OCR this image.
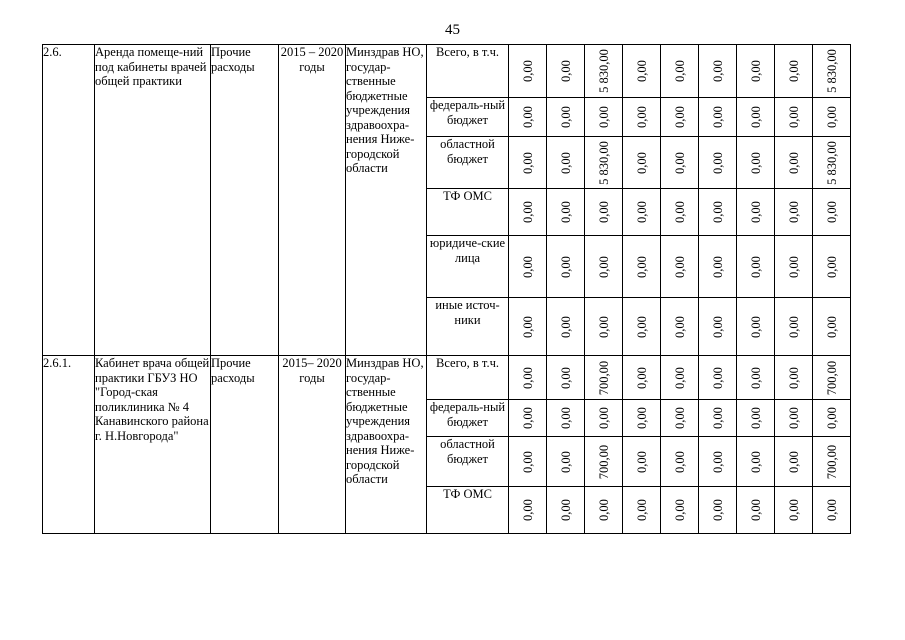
45
2.6.	Аренда помеще-ний под кабинеты врачей общей практики	Прочие расходы	2015 – 2020 годы	Минздрав НО, государ-ственные бюджетные учреждения здравоохра-нения Ниже-городской области	Всего, в т.ч.	0,00	0,00	5 830,00	0,00	0,00	0,00	0,00	0,00	5 830,00

					федераль-ный бюджет	0,00	0,00	0,00	0,00	0,00	0,00	0,00	0,00	0,00

					областной бюджет	0,00	0,00	5 830,00	0,00	0,00	0,00	0,00	0,00	5 830,00

					ТФ ОМС	0,00	0,00	0,00	0,00	0,00	0,00	0,00	0,00	0,00

					юридиче-ские лица	0,00	0,00	0,00	0,00	0,00	0,00	0,00	0,00	0,00

					иные источ-ники	0,00	0,00	0,00	0,00	0,00	0,00	0,00	0,00	0,00

2.6.1.	Кабинет врача общей практики ГБУЗ НО "Город-ская поликлиника № 4 Канавинского района г. Н.Новгорода"	Прочие расходы	2015– 2020 годы	Минздрав НО, государ-ственные бюджетные учреждения здравоохра-нения Ниже-городской области	Всего, в т.ч.	0,00	0,00	700,00	0,00	0,00	0,00	0,00	0,00	700,00

					федераль-ный бюджет	0,00	0,00	0,00	0,00	0,00	0,00	0,00	0,00	0,00

					областной бюджет	0,00	0,00	700,00	0,00	0,00	0,00	0,00	0,00	700,00

					ТФ ОМС	0,00	0,00	0,00	0,00	0,00	0,00	0,00	0,00	0,00
